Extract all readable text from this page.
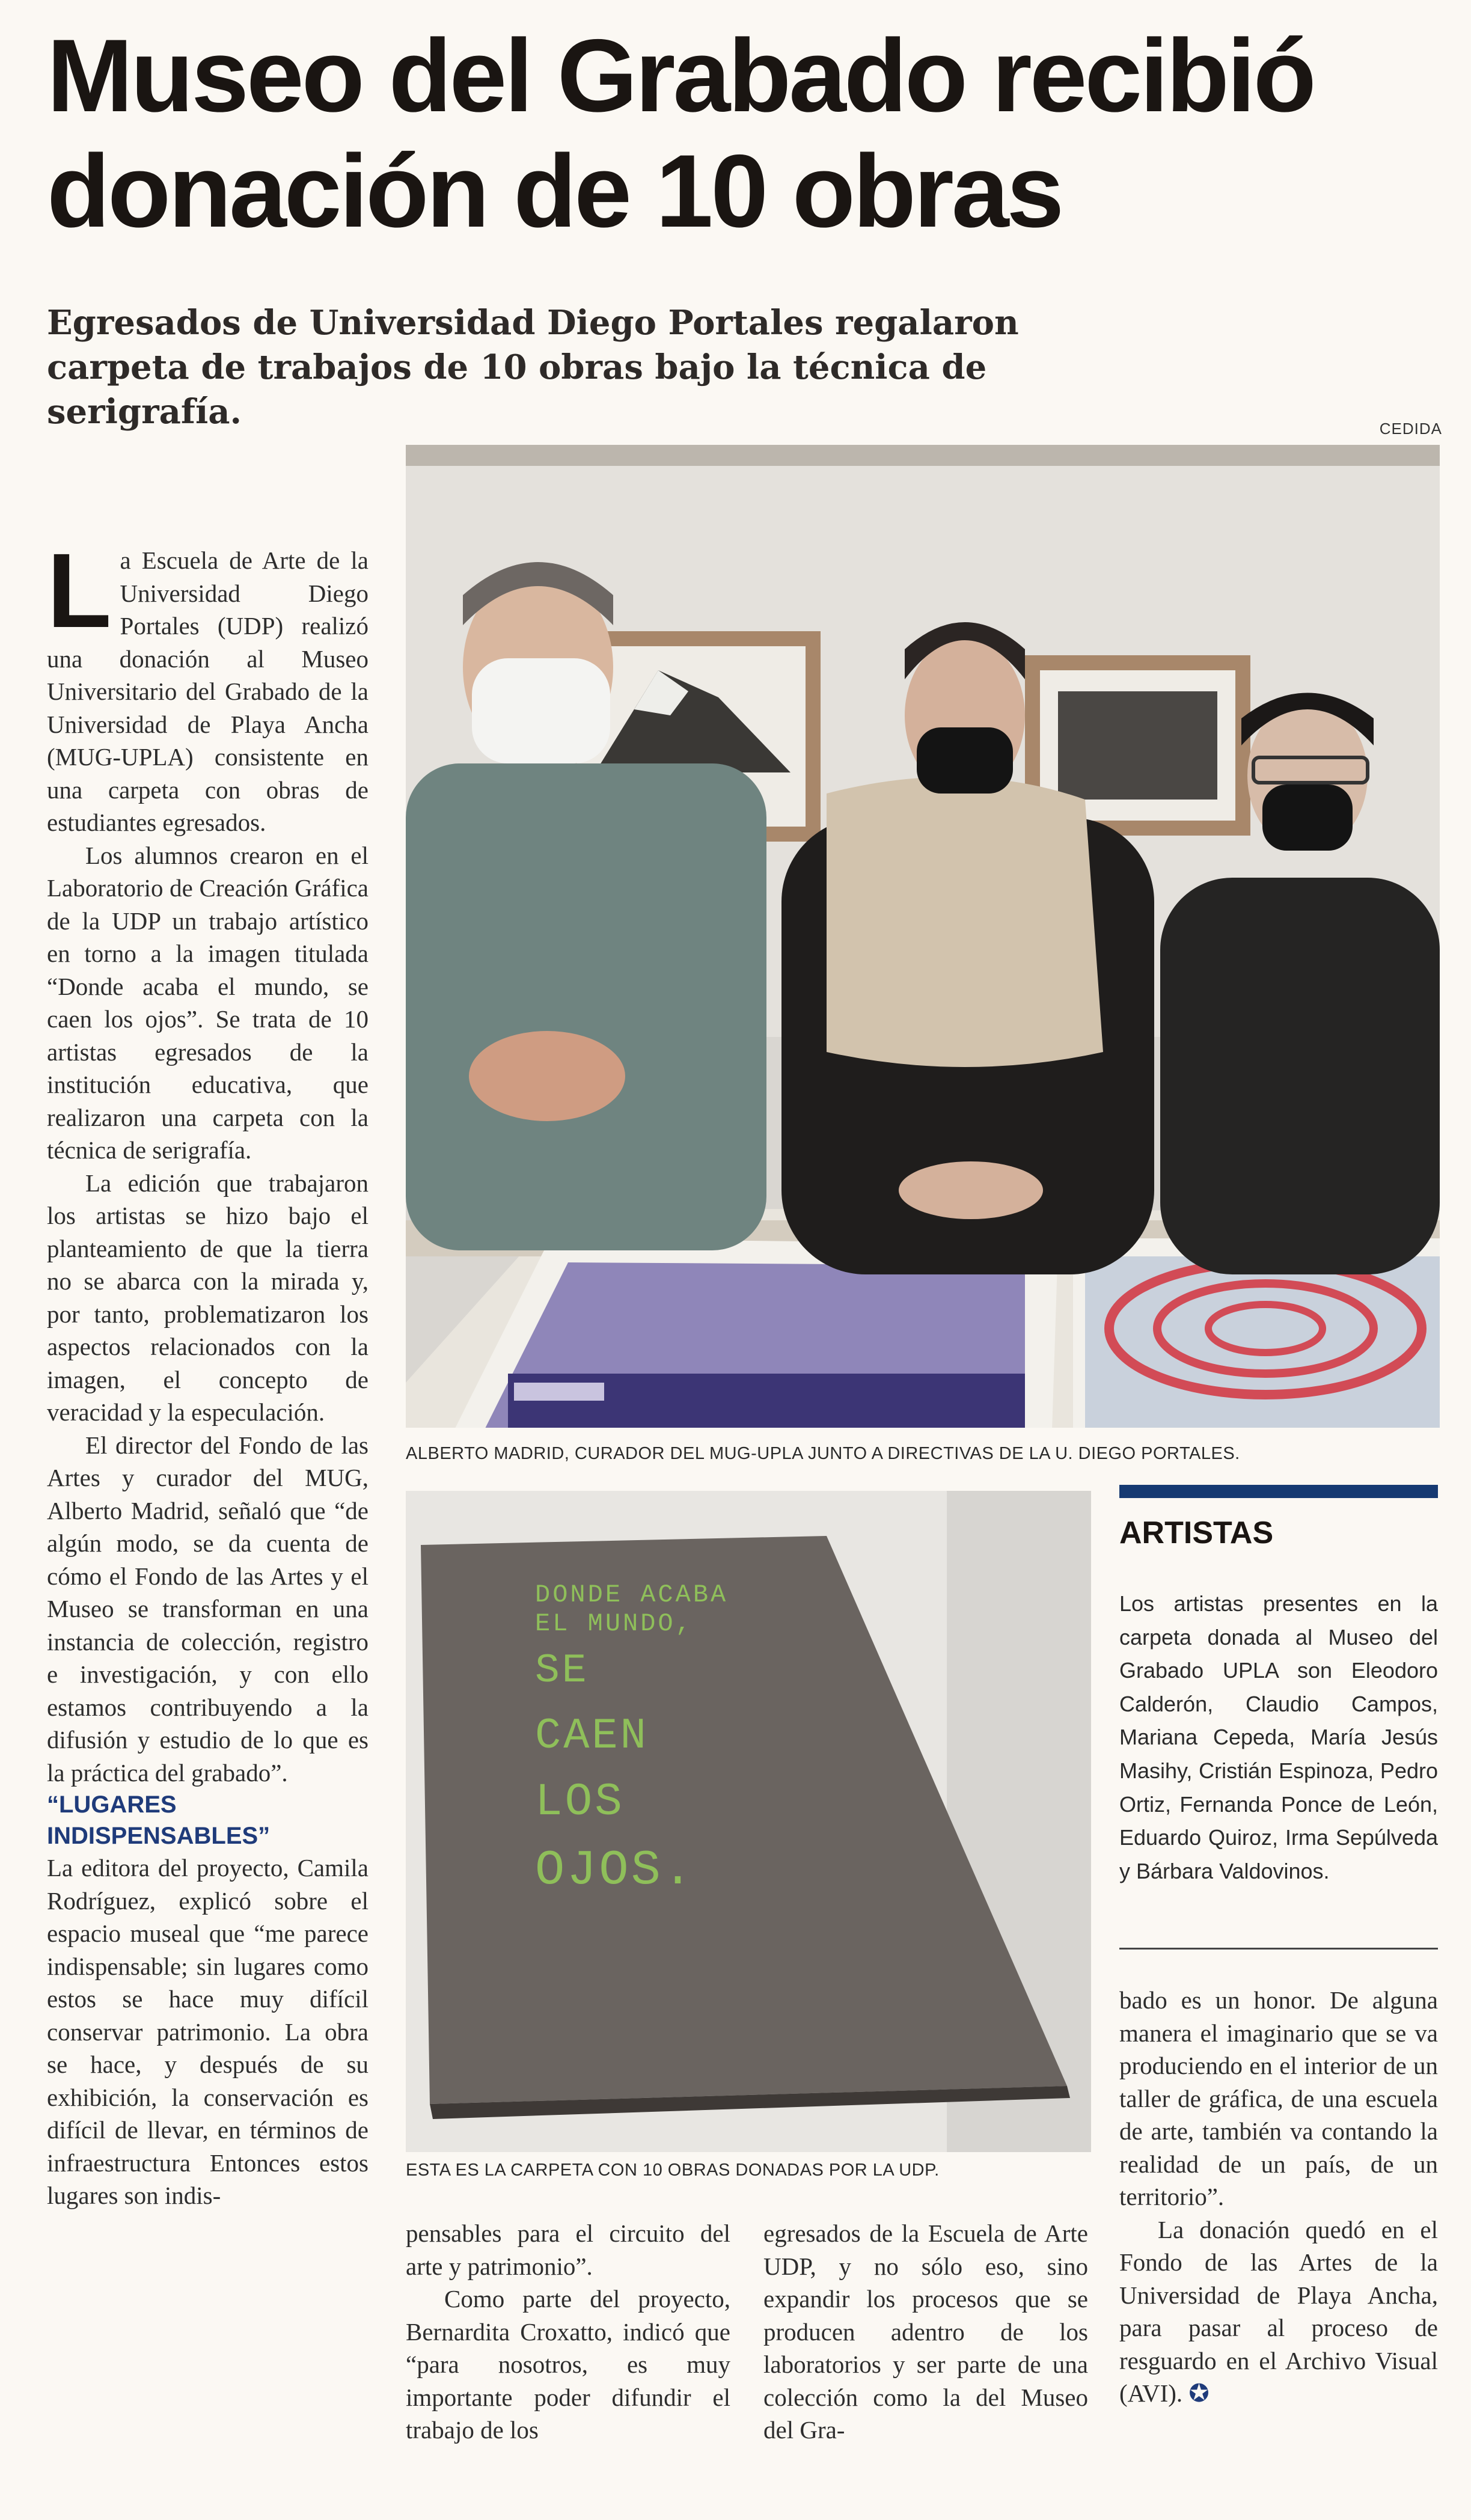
Museo del Grabado recibió donación de 10 obras

Egresados de Universidad Diego Portales regalaron carpeta de trabajos de 10 obras bajo la técnica de serigrafía.	CEDIDA
L a Escuela de Arte de la Universidad Diego Portales (UDP) realizó una donación al Museo Universitario del Grabado de la Universidad de Playa Ancha (MUG-UPLA) consistente en una carpeta con obras de estudiantes egresados.

Los alumnos crearon en el Laboratorio de Creación Gráfica de la UDP un trabajo artístico en torno a la imagen titulada “Donde acaba el mundo, se caen los ojos”. Se trata de 10 artistas egresados de la institución educativa, que realizaron una carpeta con la técnica de serigrafía.

La edición que trabajaron los artistas se hizo bajo el planteamiento de que la tierra no se abarca con la mirada y, por tanto, problematizaron los aspectos relacionados con la imagen, el concepto de veracidad y la especulación.

El director del Fondo de las Artes y curador del MUG, Alberto Madrid, señaló que “de algún modo, se da cuenta de cómo el Fondo de las Artes y el Museo se transforman en una instancia de colección, registro e investigación, y con ello estamos contribuyendo a la difusión y estudio de lo que es la práctica del grabado”.

“LUGARES INDISPENSABLES”

La editora del proyecto, Camila Rodríguez, explicó sobre el espacio museal que “me parece indispensable; sin lugares como estos se hace muy difícil conservar patrimonio. La obra se hace, y después de su exhibición, la conservación es difícil de llevar, en términos de infraestructura Entonces estos lugares son indis-

ALBERTO MADRID, CURADOR DEL MUG-UPLA JUNTO A DIRECTIVAS DE LA U. DIEGO PORTALES.
DONDE ACABA
EL MUNDO,
SE
CAEN
LOS
OJOS.
ESTA ES LA CARPETA CON 10 OBRAS DONADAS POR LA UDP.
ARTISTAS
Los artistas presentes en la carpeta donada al Museo del Grabado UPLA son Eleodoro Calderón, Claudio Campos, Mariana Cepeda, María Jesús Masihy, Cristián Espinoza, Pedro Ortiz, Fernanda Ponce de León, Eduardo Quiroz, Irma Sepúlveda y Bárbara Valdovinos.

pensables para el circuito del arte y patrimonio”.

Como parte del proyecto, Bernardita Croxatto, indicó que “para nosotros, es muy importante poder difundir el trabajo de los

egresados de la Escuela de Arte UDP, y no sólo eso, sino expandir los procesos que se producen adentro de los laboratorios y ser parte de una colección como la del Museo del Gra-

bado es un honor. De alguna manera el imaginario que se va produciendo en el interior de un taller de gráfica, de una escuela de arte, también va contando la realidad de un país, de un territorio”.

La donación quedó en el Fondo de las Artes de la Universidad de Playa Ancha, para pasar al proceso de resguardo en el Archivo Visual (AVI). ✪
